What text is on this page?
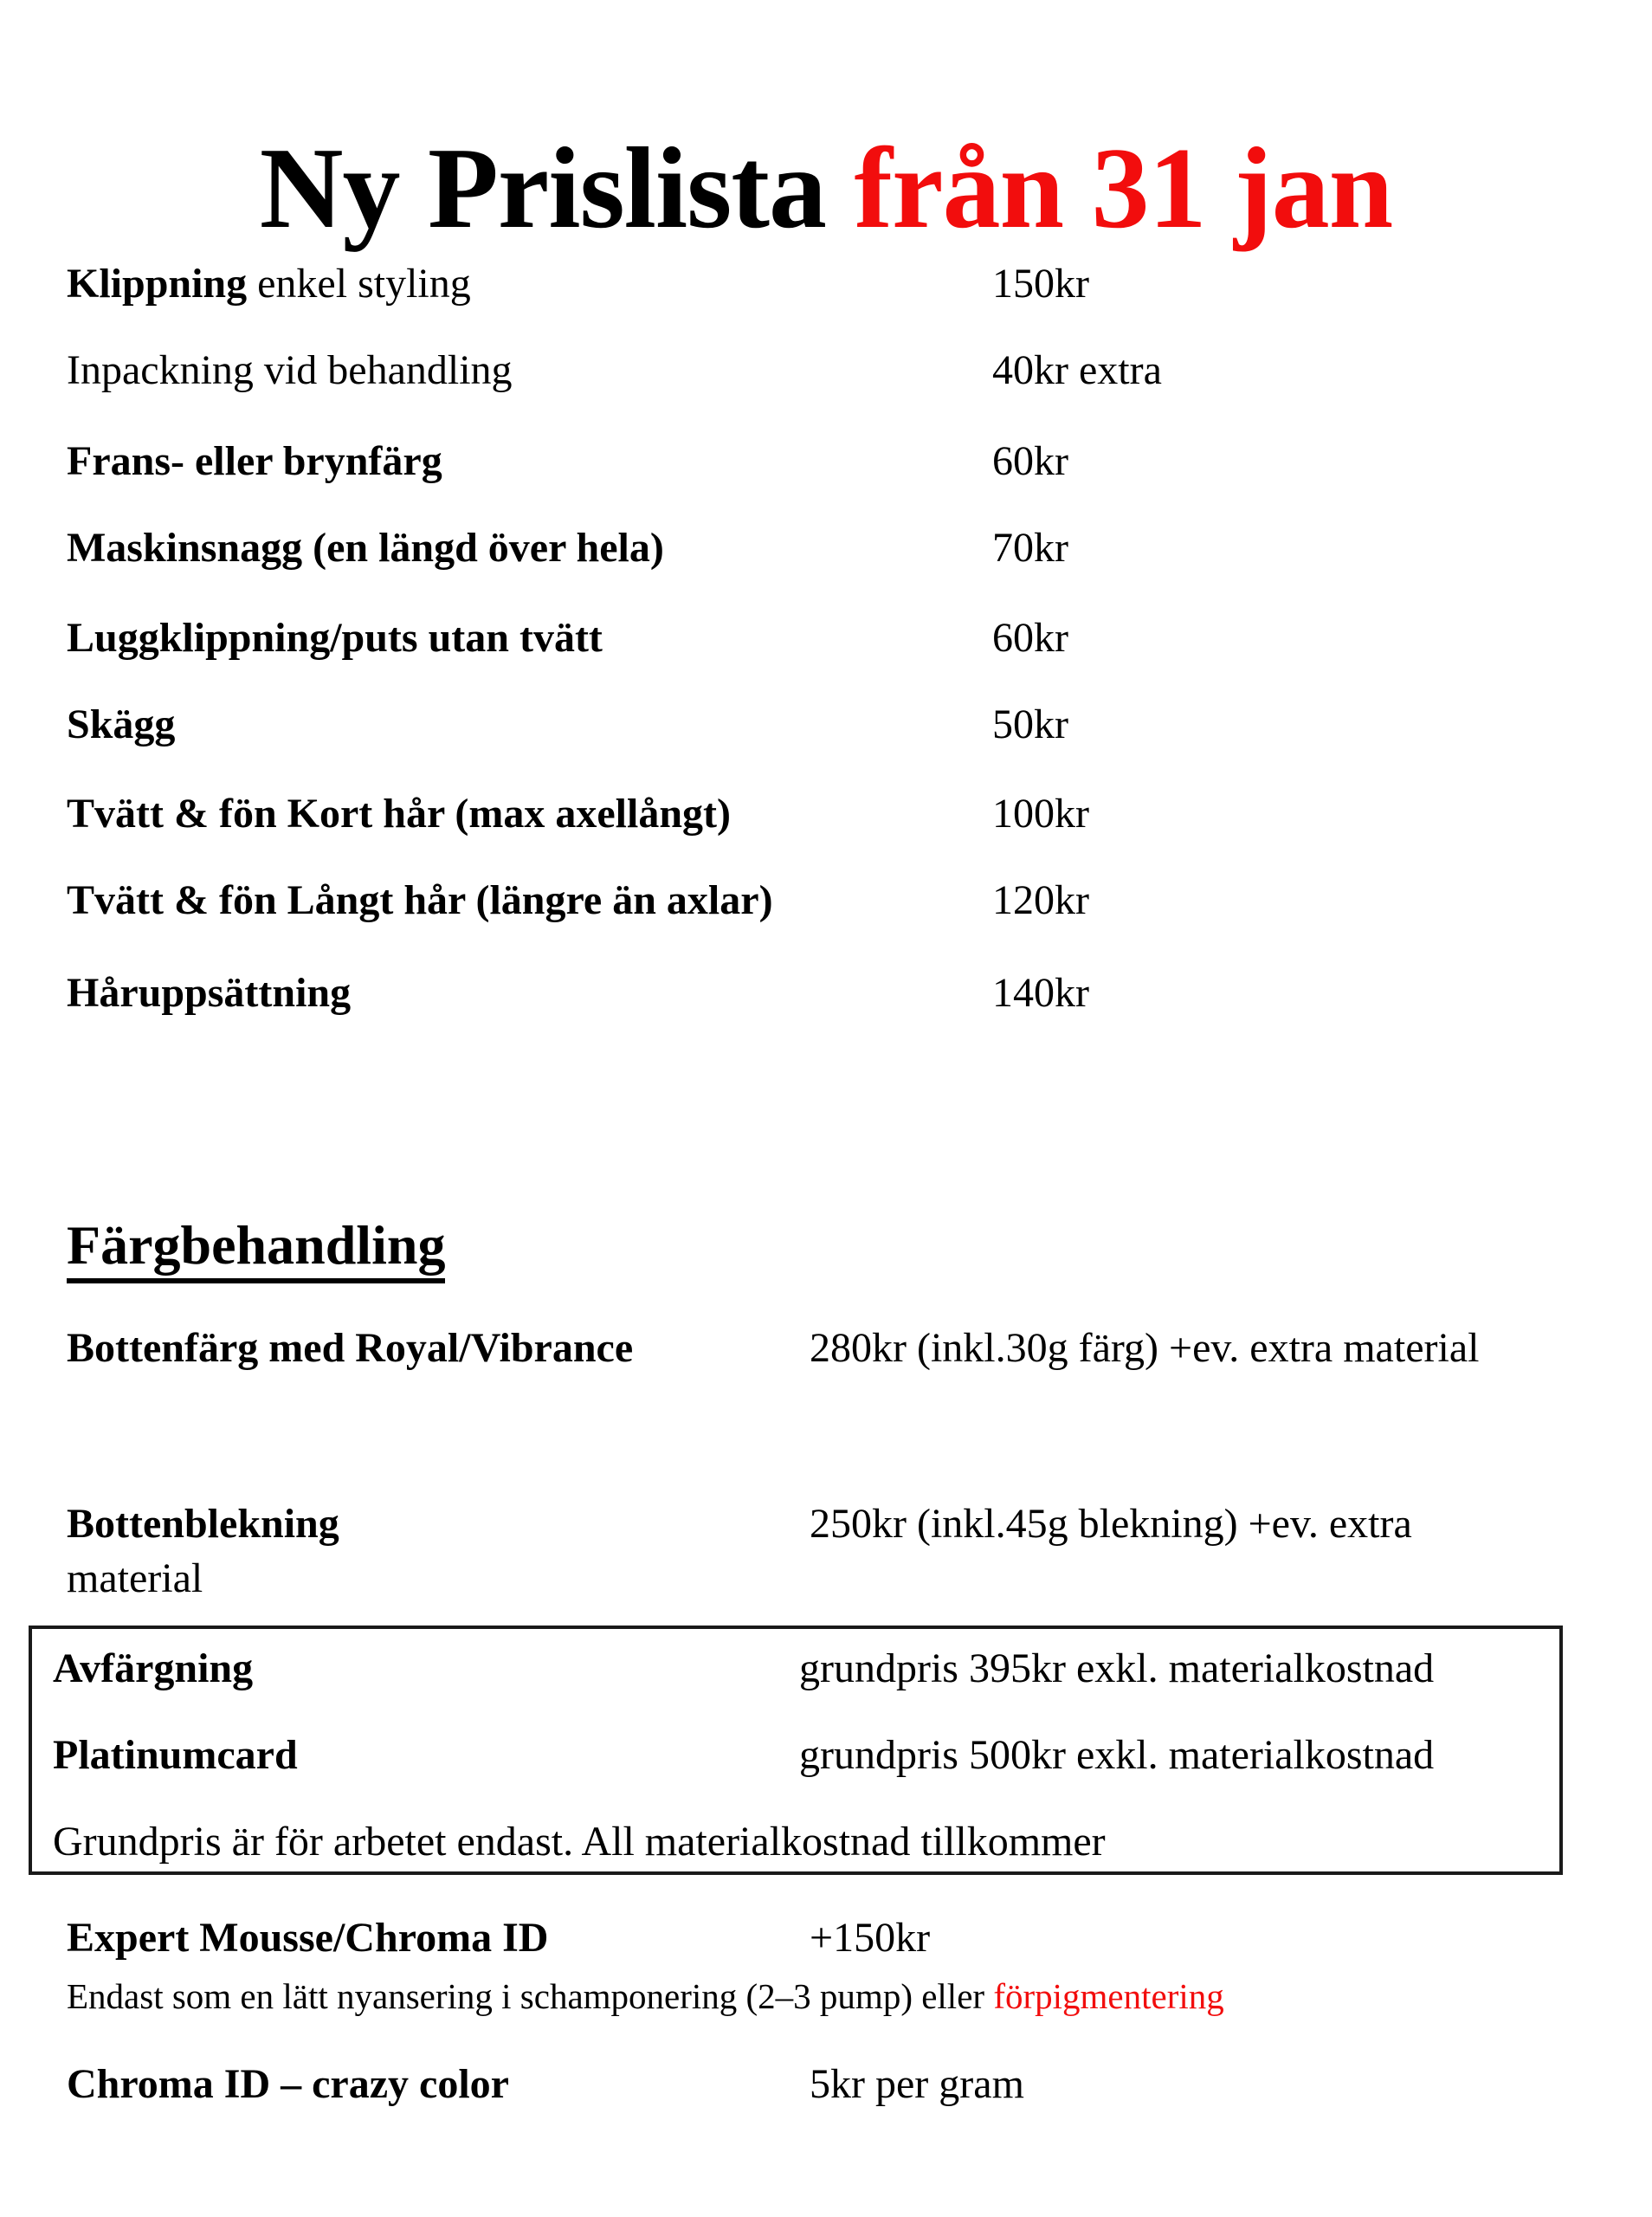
Ny Prislista från 31 jan
Klippning enkel styling	150kr
Inpackning vid behandling	40kr extra
Frans- eller brynfärg	60kr
Maskinsnagg (en längd över hela)	70kr
Luggklippning/puts utan tvätt	60kr
Skägg	50kr
Tvätt & fön Kort hår (max axellångt)	100kr
Tvätt & fön Långt hår (längre än axlar)	120kr
Håruppsättning	140kr
Färgbehandling
Bottenfärg med Royal/Vibrance	280kr (inkl.30g färg) +ev. extra material
Bottenblekning	250kr (inkl.45g blekning) +ev. extra
material
Avfärgning	grundpris 395kr exkl. materialkostnad
Platinumcard	grundpris 500kr exkl. materialkostnad
Grundpris är för arbetet endast. All materialkostnad tillkommer
Expert Mousse/Chroma ID	+150kr
Endast som en lätt nyansering i schamponering (2–3 pump) eller förpigmentering
Chroma ID – crazy color	5kr per gram
